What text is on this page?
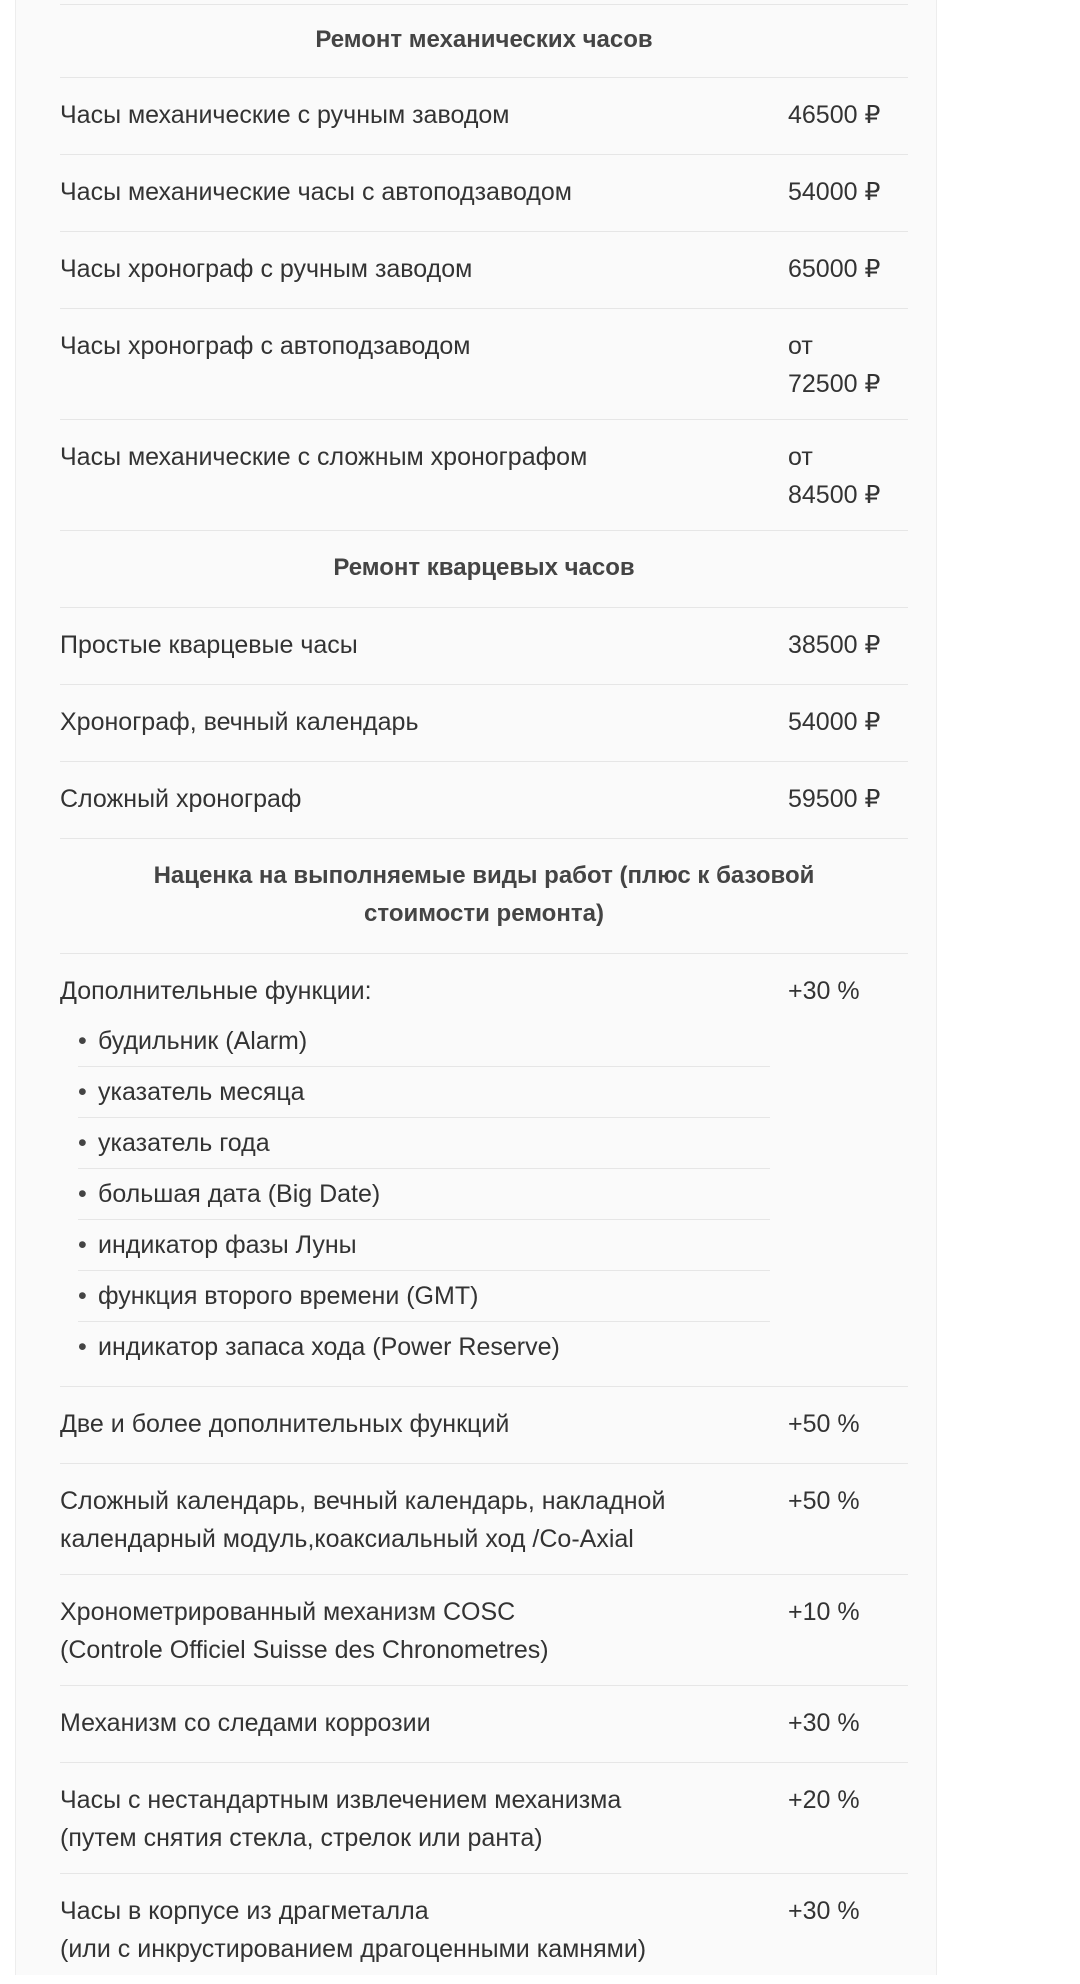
Ремонт механических часов
Часы механические с ручным заводом	46500 ₽
Часы механические часы с автоподзаводом	54000 ₽
Часы хронограф с ручным заводом	65000 ₽
Часы хронограф с автоподзаводом	от
72500 ₽
Часы механические с сложным хронографом	от
84500 ₽
Ремонт кварцевых часов
Простые кварцевые часы	38500 ₽
Хронограф, вечный календарь	54000 ₽
Сложный хронограф	59500 ₽
Наценка на выполняемые виды работ (плюс к базовой
стоимости ремонта)
Дополнительные функции:
• будильник (Alarm)
• указатель месяца
• указатель года
• большая дата (Big Date)
• индикатор фазы Луны
• функция второго времени (GMT)
• индикатор запаса хода (Power Reserve)
+30 %
Две и более дополнительных функций	+50 %
Сложный календарь, вечный календарь, накладной
календарный модуль,коаксиальный ход /Co-Axial
+50 %
Хронометрированный механизм COSC
(Controle Officiel Suisse des Chronometres)
+10 %
Механизм со следами коррозии	+30 %
Часы с нестандартным извлечением механизма
(путем снятия стекла, стрелок или ранта)
+20 %
Часы в корпусе из драгметалла
(или с инкрустированием драгоценными камнями)
+30 %
